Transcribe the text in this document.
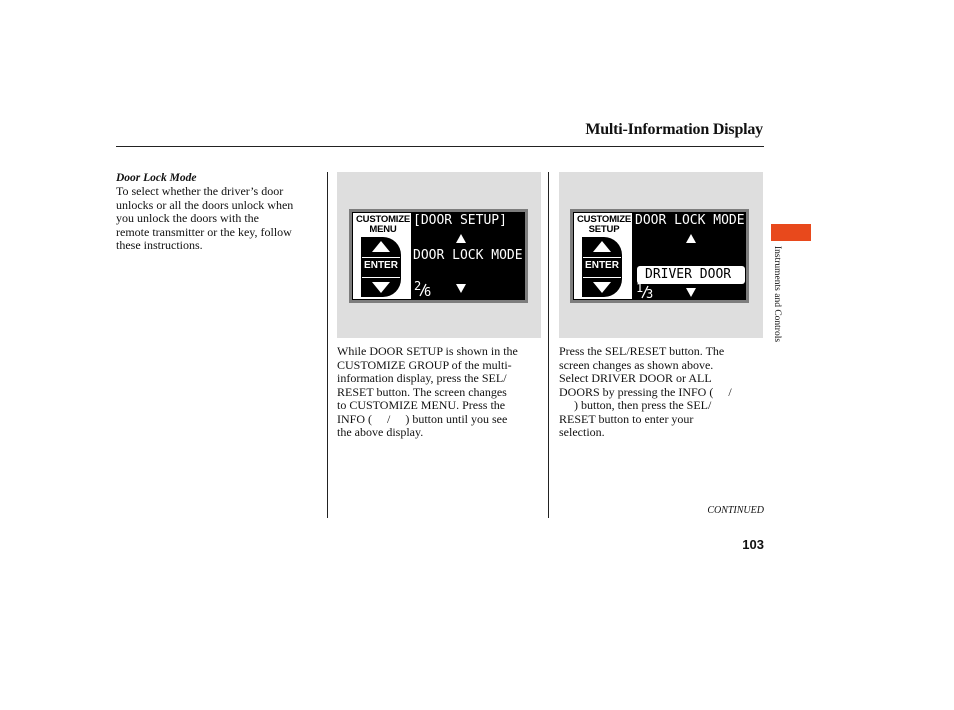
Multi-Information Display
Door Lock Mode
To select whether the driver’s door
unlocks or all the doors unlock when
you unlock the doors with the
remote transmitter or the key, follow
these instructions.
CUSTOMIZE
MENU
ENTER
[DOOR SETUP]
DOOR LOCK MODE
2 6
CUSTOMIZE
SETUP
ENTER
DOOR LOCK MODE
DRIVER DOOR
1 3
While DOOR SETUP is shown in the
CUSTOMIZE GROUP of the multi-
information display, press the SEL/
RESET button. The screen changes
to CUSTOMIZE MENU. Press the
INFO (  /  ) button until you see
the above display.
Press the SEL/RESET button. The
screen changes as shown above.
Select DRIVER DOOR or ALL
DOORS by pressing the INFO (  /
  ) button, then press the SEL/
RESET button to enter your
selection.
CONTINUED
103
Instruments and Controls
